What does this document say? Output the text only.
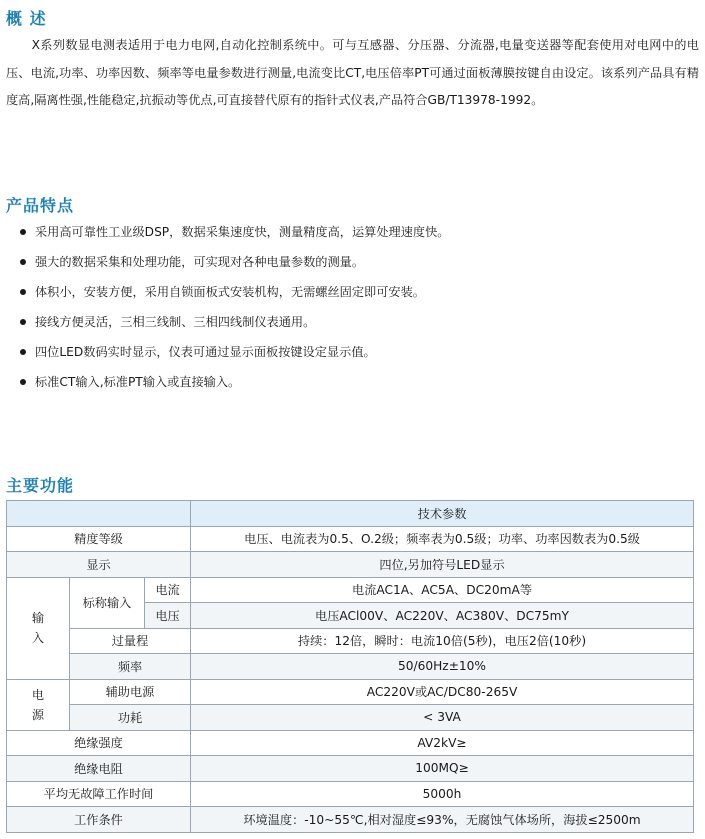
概 述

X系列数显电测表适用于电力电网,自动化控制系统中。可与互感器、分压器、分流器,电量变送器等配套使用对电网中的电压、电流,功率、功率因数、频率等电量参数进行测量,电流变比CT,电压倍率PT可通过面板薄膜按键自由设定。该系列产品具有精度高,隔离性强,性能稳定,抗振动等优点,可直接替代原有的指针式仪表,产品符合GB/T13978-1992。

产品特点
采用高可靠性工业级DSP，数据采集速度快，测量精度高，运算处理速度快。
强大的数据采集和处理功能，可实现对各种电量参数的测量。
体积小，安装方便，采用自锁面板式安装机构，无需螺丝固定即可安装。
接线方便灵活，三相三线制、三相四线制仪表通用。
四位LED数码实时显示，仪表可通过显示面板按键设定显示值。
标准CT输入,标准PT输入或直接输入。
主要功能
			技术参数
精度等级			电压、电流表为0.5、O.2级；频率表为0.5级；功率、功率因数表为0.5级
显示			四位,另加符号LED显示
输
入	标称输入	电流	电流AC1A、AC5A、DC20mA等
		电压	电压ACl00V、AC220V、AC380V、DC75mY
	过量程		持续：12倍，瞬时：电流10倍(5秒)，电压2倍(10秒)
	频率		50/60Hz±10%
电
源	辅助电源		AC220V或AC/DC80-265V
	功耗		< 3VA
绝缘强度			AV2kV≥
绝缘电阻			100MQ≥
平均无故障工作时间			5000h
工作条件			环境温度：-10~55℃,相对湿度≤93%，无腐蚀气体场所，海拔≤2500m
